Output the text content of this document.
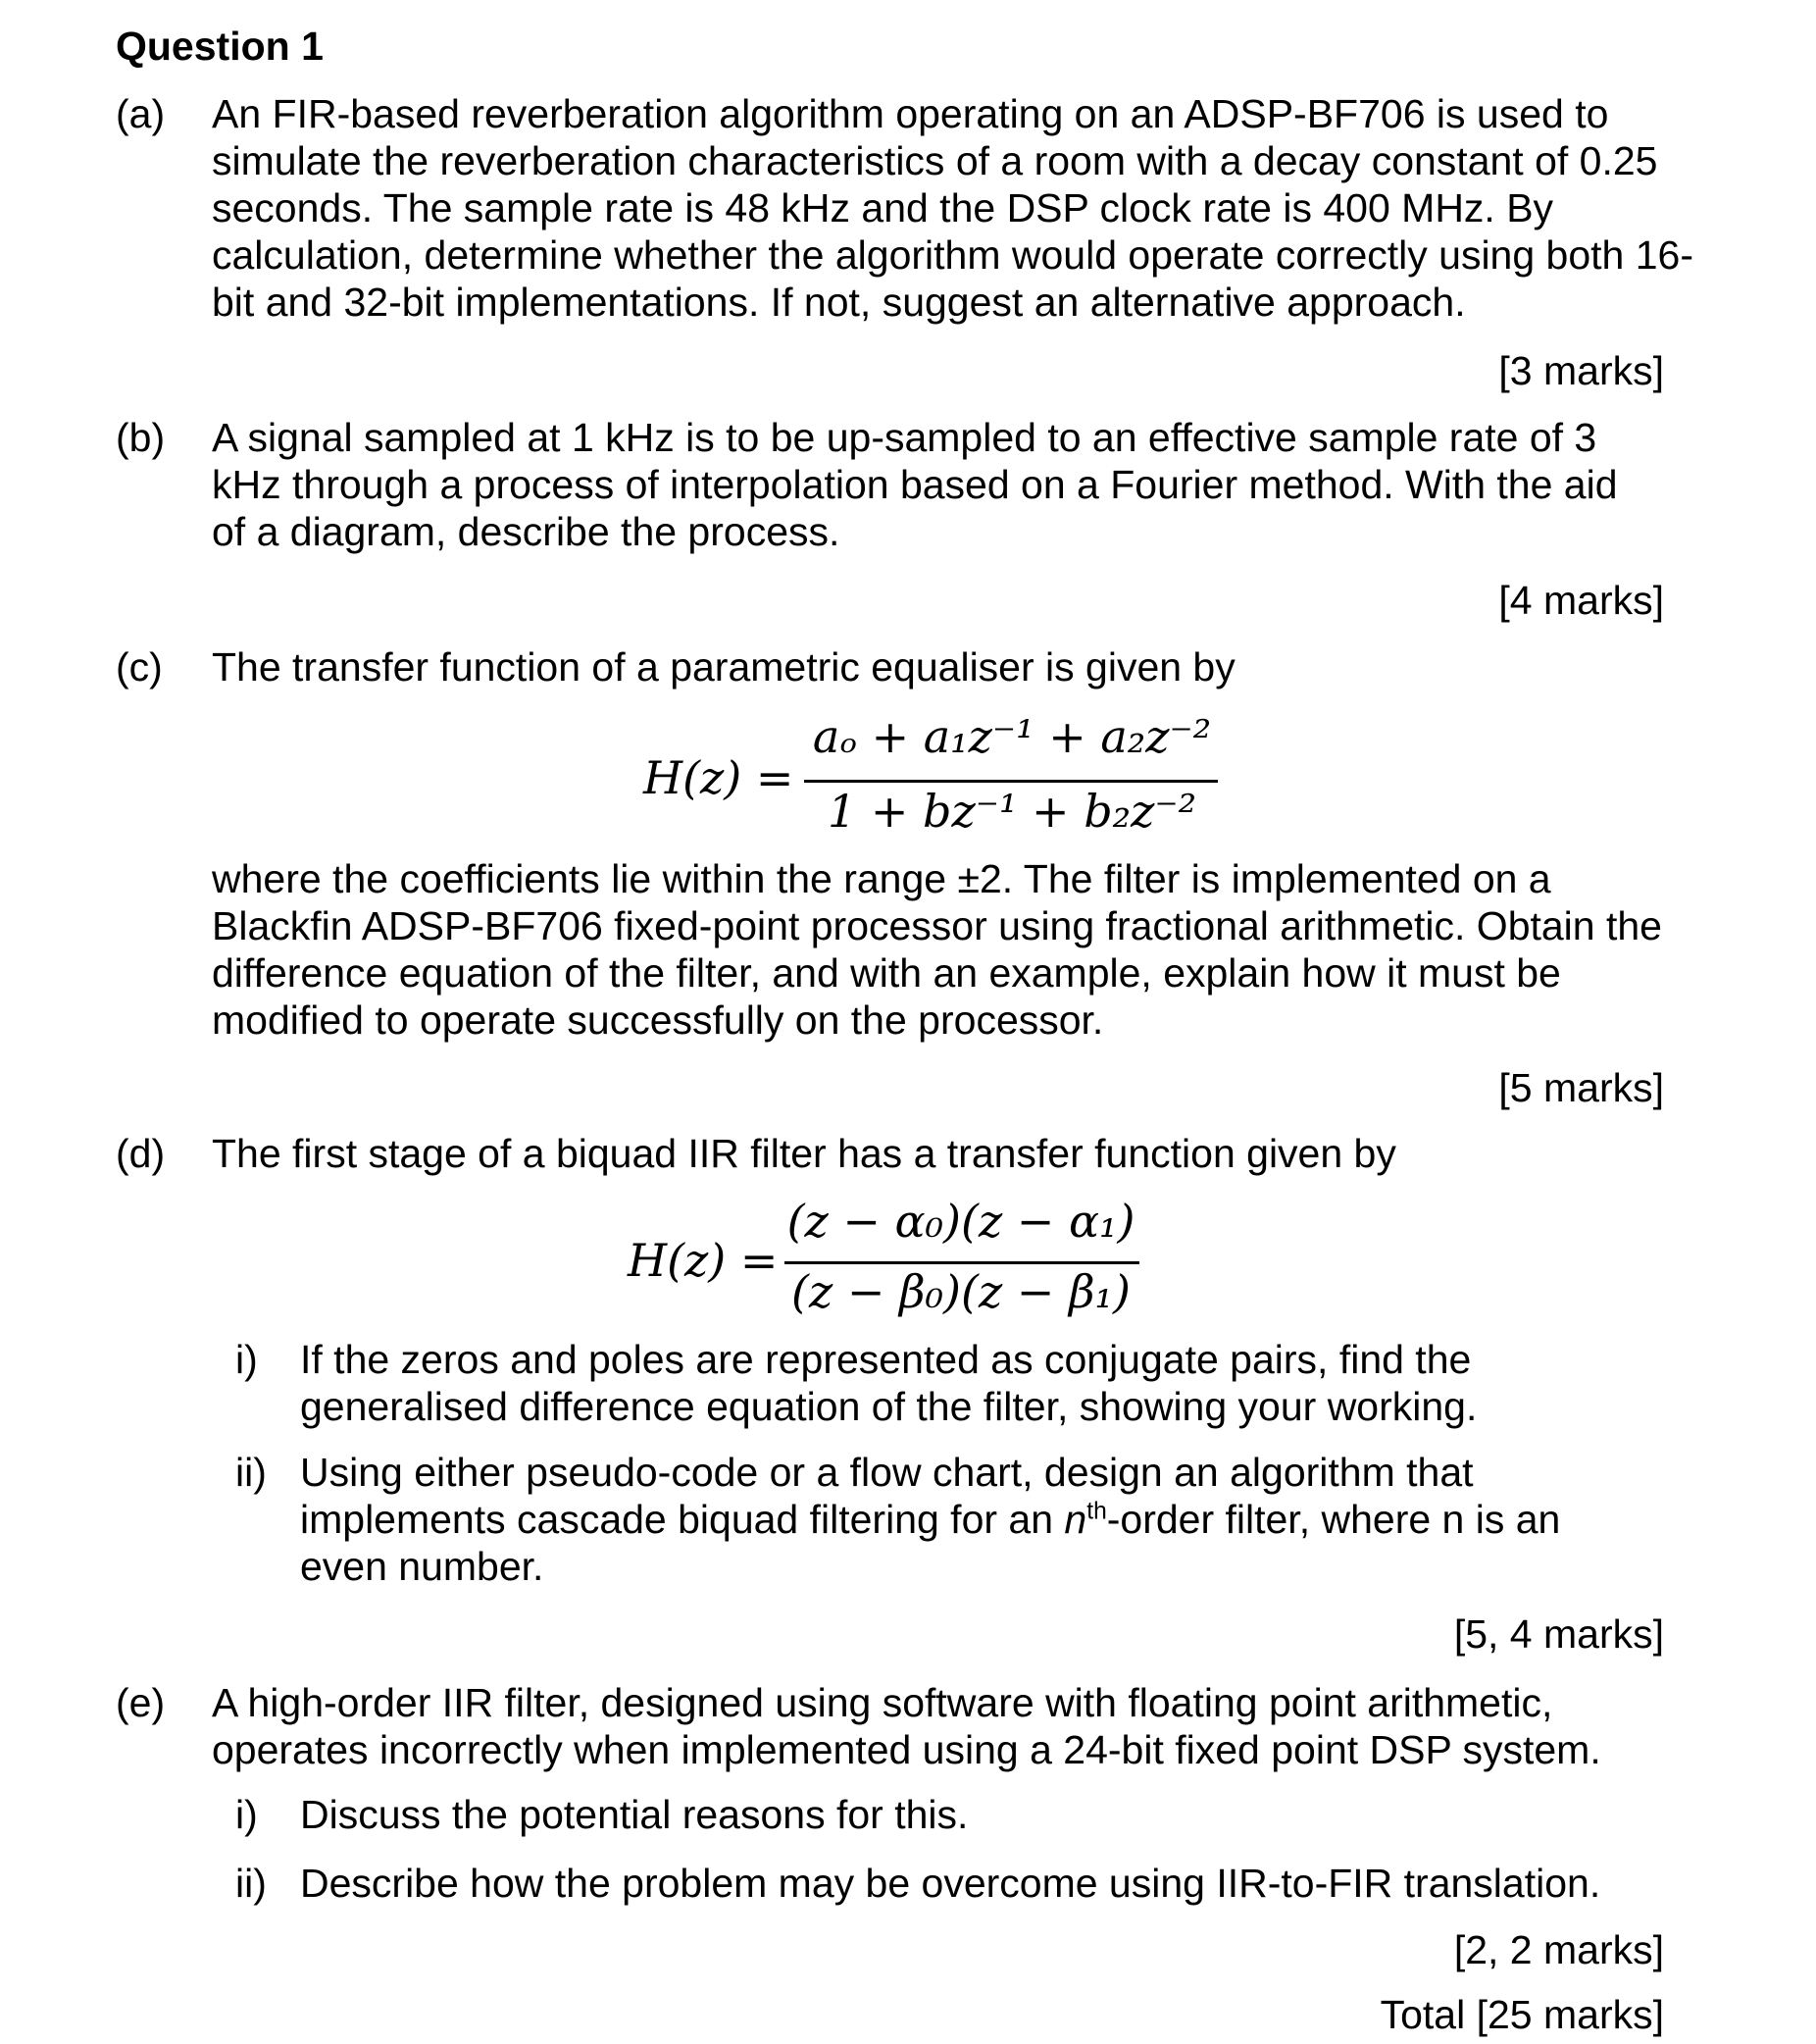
Question 1
(a) An FIR-based reverberation algorithm operating on an ADSP-BF706 is used to simulate the reverberation characteristics of a room with a decay constant of 0.25 seconds. The sample rate is 48 kHz and the DSP clock rate is 400 MHz. By calculation, determine whether the algorithm would operate correctly using both 16-bit and 32-bit implementations. If not, suggest an alternative approach.
[3 marks]
(b) A signal sampled at 1 kHz is to be up-sampled to an effective sample rate of 3 kHz through a process of interpolation based on a Fourier method. With the aid of a diagram, describe the process.
[4 marks]
(c) The transfer function of a parametric equaliser is given by
H(z) =
aₒ + a₁z⁻¹ + a₂z⁻²
1 + bz⁻¹ + b₂z⁻²
where the coefficients lie within the range ±2. The filter is implemented on a Blackfin ADSP-BF706 fixed-point processor using fractional arithmetic. Obtain the difference equation of the filter, and with an example, explain how it must be modified to operate successfully on the processor.
[5 marks]
(d) The first stage of a biquad IIR filter has a transfer function given by
H(z) =
(z − α₀)(z − α₁)
(z − β₀)(z − β₁)
i) If the zeros and poles are represented as conjugate pairs, find the generalised difference equation of the filter, showing your working.
ii) Using either pseudo-code or a flow chart, design an algorithm that implements cascade biquad filtering for an $n^{th}$-order filter, where n is an even number.
[5, 4 marks]
(e) A high-order IIR filter, designed using software with floating point arithmetic, operates incorrectly when implemented using a 24-bit fixed point DSP system.
i) Discuss the potential reasons for this.
ii) Describe how the problem may be overcome using IIR-to-FIR translation.
[2, 2 marks]
Total [25 marks]
